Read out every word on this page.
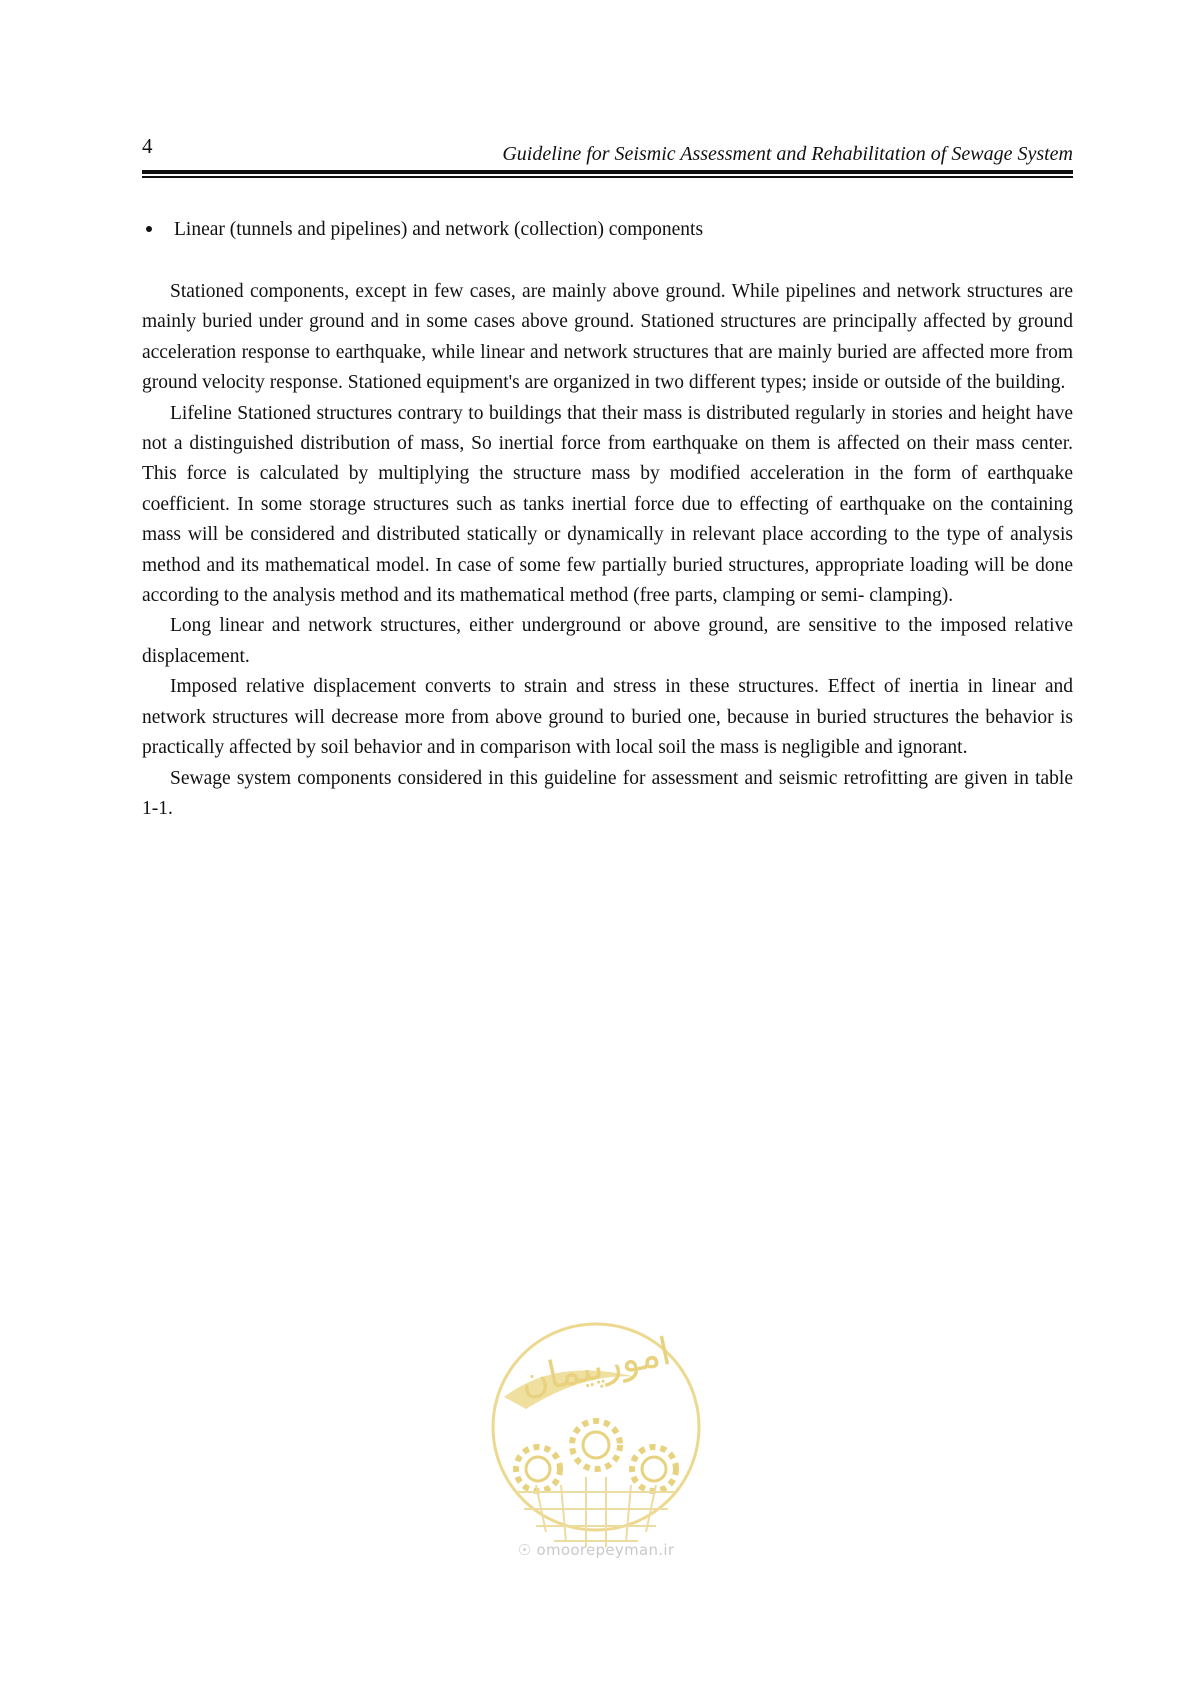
4	Guideline for Seismic Assessment and Rehabilitation of Sewage System
Linear (tunnels and pipelines) and network (collection) components

Stationed components, except in few cases, are mainly above ground. While pipelines and network structures are mainly buried under ground and in some cases above ground. Stationed structures are principally affected by ground acceleration response to earthquake, while linear and network structures that are mainly buried are affected more from ground velocity response. Stationed equipment's are organized in two different types; inside or outside of the building.

Lifeline Stationed structures contrary to buildings that their mass is distributed regularly in stories and height have not a distinguished distribution of mass, So inertial force from earthquake on them is affected on their mass center. This force is calculated by multiplying the structure mass by modified acceleration in the form of earthquake coefficient. In some storage structures such as tanks inertial force due to effecting of earthquake on the containing mass will be considered and distributed statically or dynamically in relevant place according to the type of analysis method and its mathematical model. In case of some few partially buried structures, appropriate loading will be done according to the analysis method and its mathematical method (free parts, clamping or semi- clamping).

Long linear and network structures, either underground or above ground, are sensitive to the imposed relative displacement.

Imposed relative displacement converts to strain and stress in these structures. Effect of inertia in linear and network structures will decrease more from above ground to buried one, because in buried structures the behavior is practically affected by soil behavior and in comparison with local soil the mass is negligible and ignorant.

Sewage system components considered in this guideline for assessment and seismic retrofitting are given in table 1-1.

امورپیمان
☉ omoorepeyman.ir
